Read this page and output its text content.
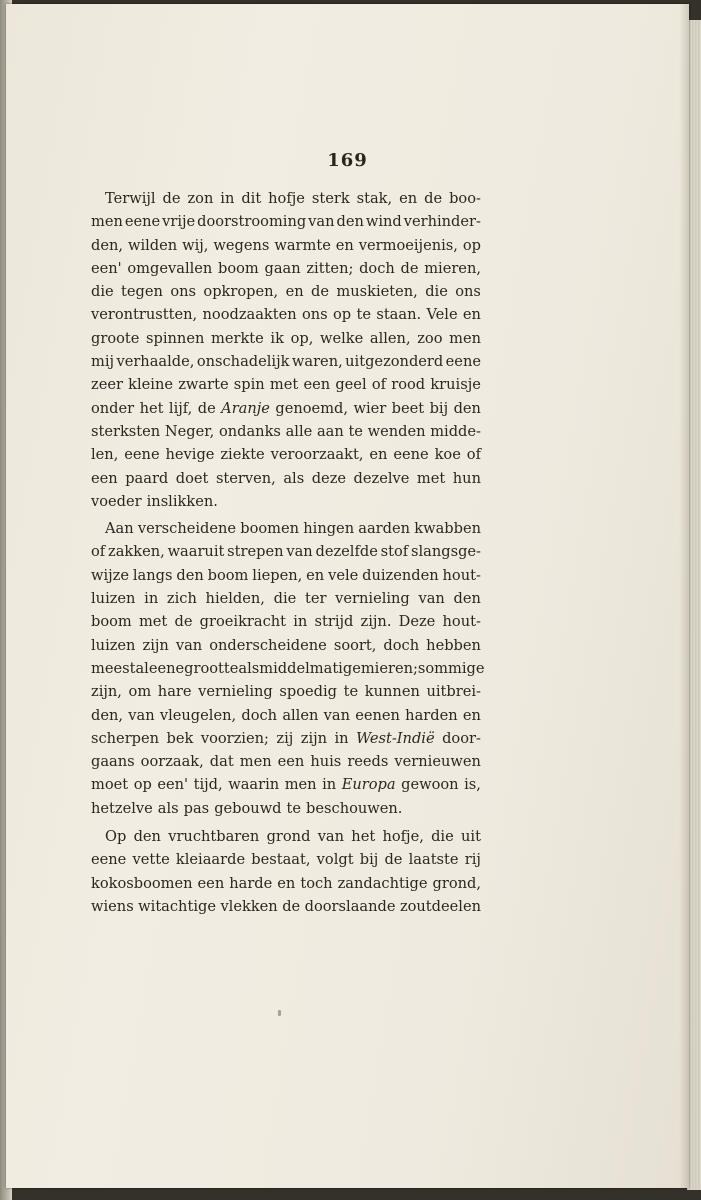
169
Terwijl de zon in dit hofje sterk stak, en de boo-
men eene vrije doorstrooming van den wind verhinder-
den, wilden wij, wegens warmte en vermoeijenis, op
een' omgevallen boom gaan zitten; doch de mieren,
die tegen ons opkropen, en de muskieten, die ons
verontrustten, noodzaakten ons op te staan. Vele en
groote spinnen merkte ik op, welke allen, zoo men
mij verhaalde, onschadelijk waren, uitgezonderd eene
zeer kleine zwarte spin met een geel of rood kruisje
onder het lijf, de Aranje genoemd, wier beet bij den
sterksten Neger, ondanks alle aan te wenden midde-
len, eene hevige ziekte veroorzaakt, en eene koe of
een paard doet sterven, als deze dezelve met hun
voeder inslikken.
Aan verscheidene boomen hingen aarden kwabben
of zakken, waaruit strepen van dezelfde stof slangsge-
wijze langs den boom liepen, en vele duizenden hout-
luizen in zich hielden, die ter vernieling van den
boom met de groeikracht in strijd zijn. Deze hout-
luizen zijn van onderscheidene soort, doch hebben
meestal eene grootte als middelmatige mieren; sommige
zijn, om hare vernieling spoedig te kunnen uitbrei-
den, van vleugelen, doch allen van eenen harden en
scherpen bek voorzien; zij zijn in West-Indië door-
gaans oorzaak, dat men een huis reeds vernieuwen
moet op een' tijd, waarin men in Europa gewoon is,
hetzelve als pas gebouwd te beschouwen.
Op den vruchtbaren grond van het hofje, die uit
eene vette kleiaarde bestaat, volgt bij de laatste rij
kokosboomen een harde en toch zandachtige grond,
wiens witachtige vlekken de doorslaande zoutdeelen
